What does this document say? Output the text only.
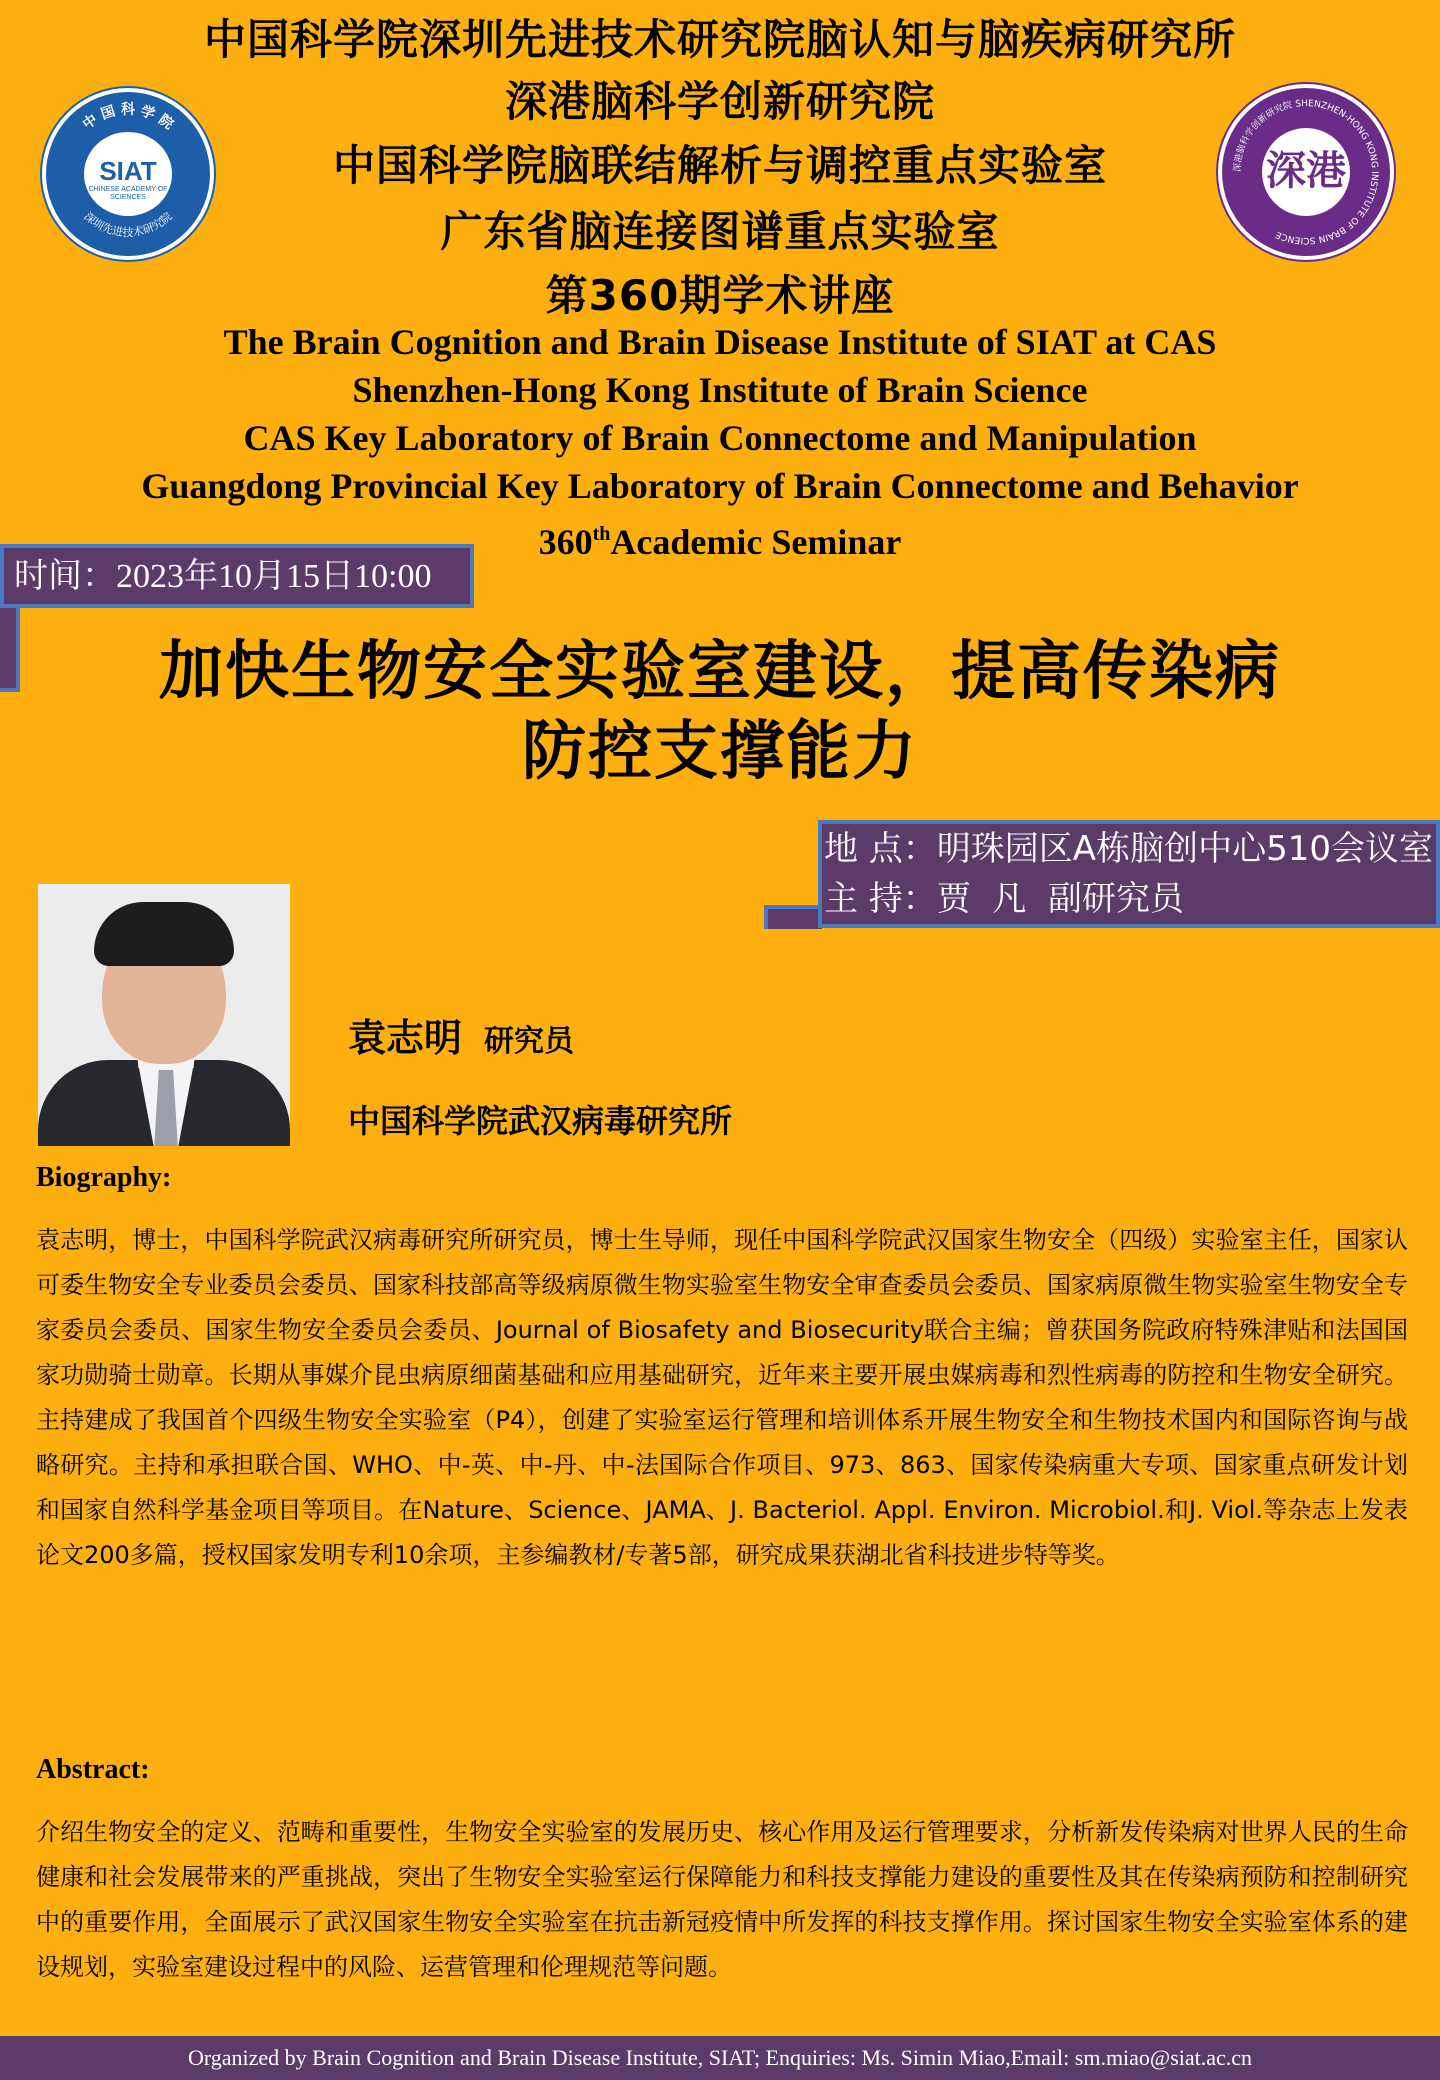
中国科学院深圳先进技术研究院脑认知与脑疾病研究所
深港脑科学创新研究院
中国科学院脑联结解析与调控重点实验室
广东省脑连接图谱重点实验室
第360期学术讲座
The Brain Cognition and Brain Disease Institute of SIAT at CAS
Shenzhen-Hong Kong Institute of Brain Science
CAS Key Laboratory of Brain Connectome and Manipulation
Guangdong Provincial Key Laboratory of Brain Connectome and Behavior
360thAcademic Seminar
中 国 科 学 院
深圳先进技术研究院
SIAT
CHINESE ACADEMY OF SCIENCES
深港脑科学创新研究院 SHENZHEN-HONG KONG INSTITUTE OF BRAIN SCIENCE
深港
时间：2023年10月15日10:00
加快生物安全实验室建设，提高传染病
防控支撑能力
地 点：明珠园区A栋脑创中心510会议室
主 持：贾  凡  副研究员
袁志明 研究员
中国科学院武汉病毒研究所
Biography:
袁志明，博士，中国科学院武汉病毒研究所研究员，博士生导师，现任中国科学院武汉国家生物安全（四级）实验室主任，国家认可委生物安全专业委员会委员、国家科技部高等级病原微生物实验室生物安全审查委员会委员、国家病原微生物实验室生物安全专家委员会委员、国家生物安全委员会委员、Journal of Biosafety and Biosecurity联合主编；曾获国务院政府特殊津贴和法国国家功勋骑士勋章。长期从事媒介昆虫病原细菌基础和应用基础研究，近年来主要开展虫媒病毒和烈性病毒的防控和生物安全研究。主持建成了我国首个四级生物安全实验室（P4），创建了实验室运行管理和培训体系开展生物安全和生物技术国内和国际咨询与战略研究。主持和承担联合国、WHO、中-英、中-丹、中-法国际合作项目、973、863、国家传染病重大专项、国家重点研发计划和国家自然科学基金项目等项目。在Nature、Science、JAMA、J. Bacteriol. Appl. Environ. Microbiol.和J. Viol.等杂志上发表论文200多篇，授权国家发明专利10余项，主参编教材/专著5部，研究成果获湖北省科技进步特等奖。
Abstract:
介绍生物安全的定义、范畴和重要性，生物安全实验室的发展历史、核心作用及运行管理要求，分析新发传染病对世界人民的生命健康和社会发展带来的严重挑战，突出了生物安全实验室运行保障能力和科技支撑能力建设的重要性及其在传染病预防和控制研究中的重要作用，全面展示了武汉国家生物安全实验室在抗击新冠疫情中所发挥的科技支撑作用。探讨国家生物安全实验室体系的建设规划，实验室建设过程中的风险、运营管理和伦理规范等问题。
Organized by Brain Cognition and Brain Disease Institute, SIAT; Enquiries: Ms. Simin Miao,Email: sm.miao@siat.ac.cn
